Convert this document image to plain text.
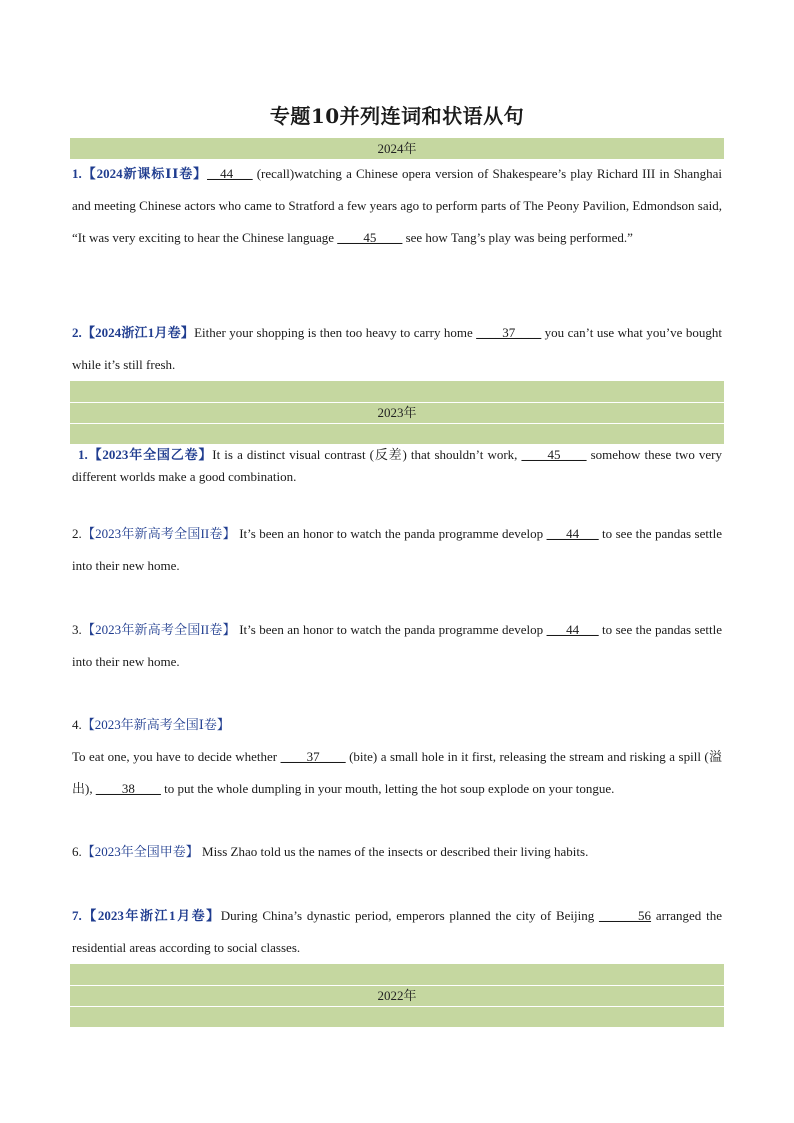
专题10并列连词和状语从句
2024年
1.【2024新课标ⅠⅠ卷】__44___ (recall)watching a Chinese opera version of Shakespeare’s play Richard III in Shanghai and meeting Chinese actors who came to Stratford a few years ago to perform parts of The Peony Pavilion, Edmondson said, “It was very exciting to hear the Chinese language ____45____ see how Tang’s play was being performed.”
2.【2024浙江1月卷】Either your shopping is then too heavy to carry home ____37____ you can’t use what you’ve bought while it’s still fresh.
2023年
1.【2023年全国乙卷】It is a distinct visual contrast (反差) that shouldn’t work, ____45____ somehow these two very different worlds make a good combination.
2.【2023年新高考全国II卷】 It’s been an honor to watch the panda programme develop ___44___ to see the pandas settle into their new home.
3.【2023年新高考全国II卷】 It’s been an honor to watch the panda programme develop ___44___ to see the pandas settle into their new home.
4.【2023年新高考全国Ⅰ卷】
To eat one, you have to decide whether ____37____ (bite) a small hole in it first, releasing the stream and risking a spill (溢出), ____38____ to put the whole dumpling in your mouth, letting the hot soup explode on your tongue.
6.【2023年全国甲卷】 Miss Zhao told us the names of the insects or described their living habits.
7.【2023年浙江1月卷】During China’s dynastic period, emperors planned the city of Beijing ______56 arranged the residential areas according to social classes.
2022年
